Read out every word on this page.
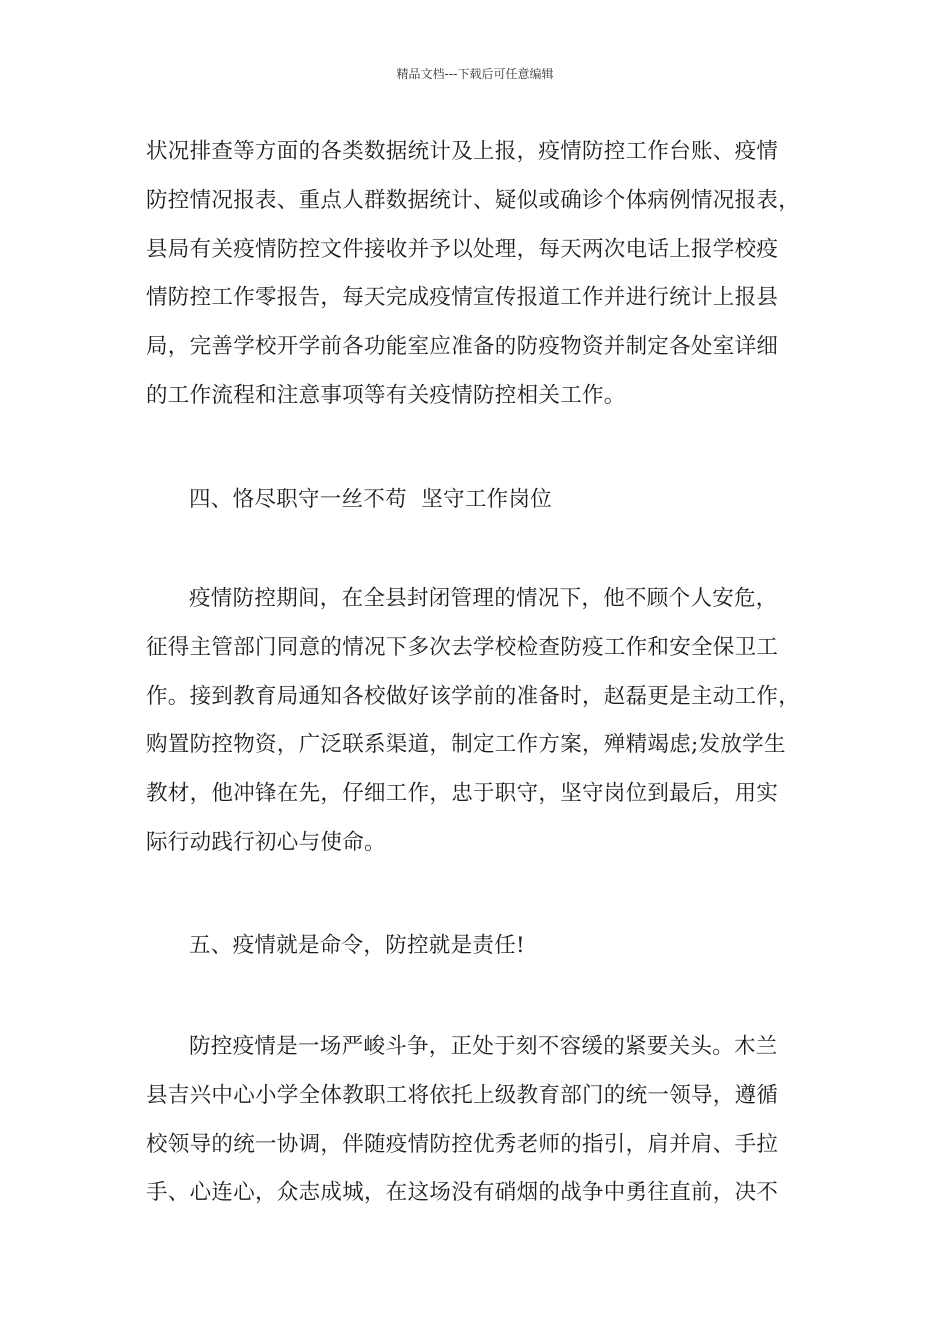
精品文档---下载后可任意编辑
状况排查等方面的各类数据统计及上报，疫情防控工作台账、疫情
防控情况报表、重点人群数据统计、疑似或确诊个体病例情况报表，
县局有关疫情防控文件接收并予以处理，每天两次电话上报学校疫
情防控工作零报告，每天完成疫情宣传报道工作并进行统计上报县
局，完善学校开学前各功能室应准备的防疫物资并制定各处室详细
的工作流程和注意事项等有关疫情防控相关工作。
四、恪尽职守一丝不苟  坚守工作岗位
疫情防控期间，在全县封闭管理的情况下，他不顾个人安危，
征得主管部门同意的情况下多次去学校检查防疫工作和安全保卫工
作。接到教育局通知各校做好该学前的准备时，赵磊更是主动工作，
购置防控物资，广泛联系渠道，制定工作方案，殚精竭虑;发放学生
教材，他冲锋在先，仔细工作，忠于职守，坚守岗位到最后，用实
际行动践行初心与使命。
五、疫情就是命令，防控就是责任!
防控疫情是一场严峻斗争，正处于刻不容缓的紧要关头。木兰
县吉兴中心小学全体教职工将依托上级教育部门的统一领导，遵循
校领导的统一协调，伴随疫情防控优秀老师的指引，肩并肩、手拉
手、心连心，众志成城，在这场没有硝烟的战争中勇往直前，决不
